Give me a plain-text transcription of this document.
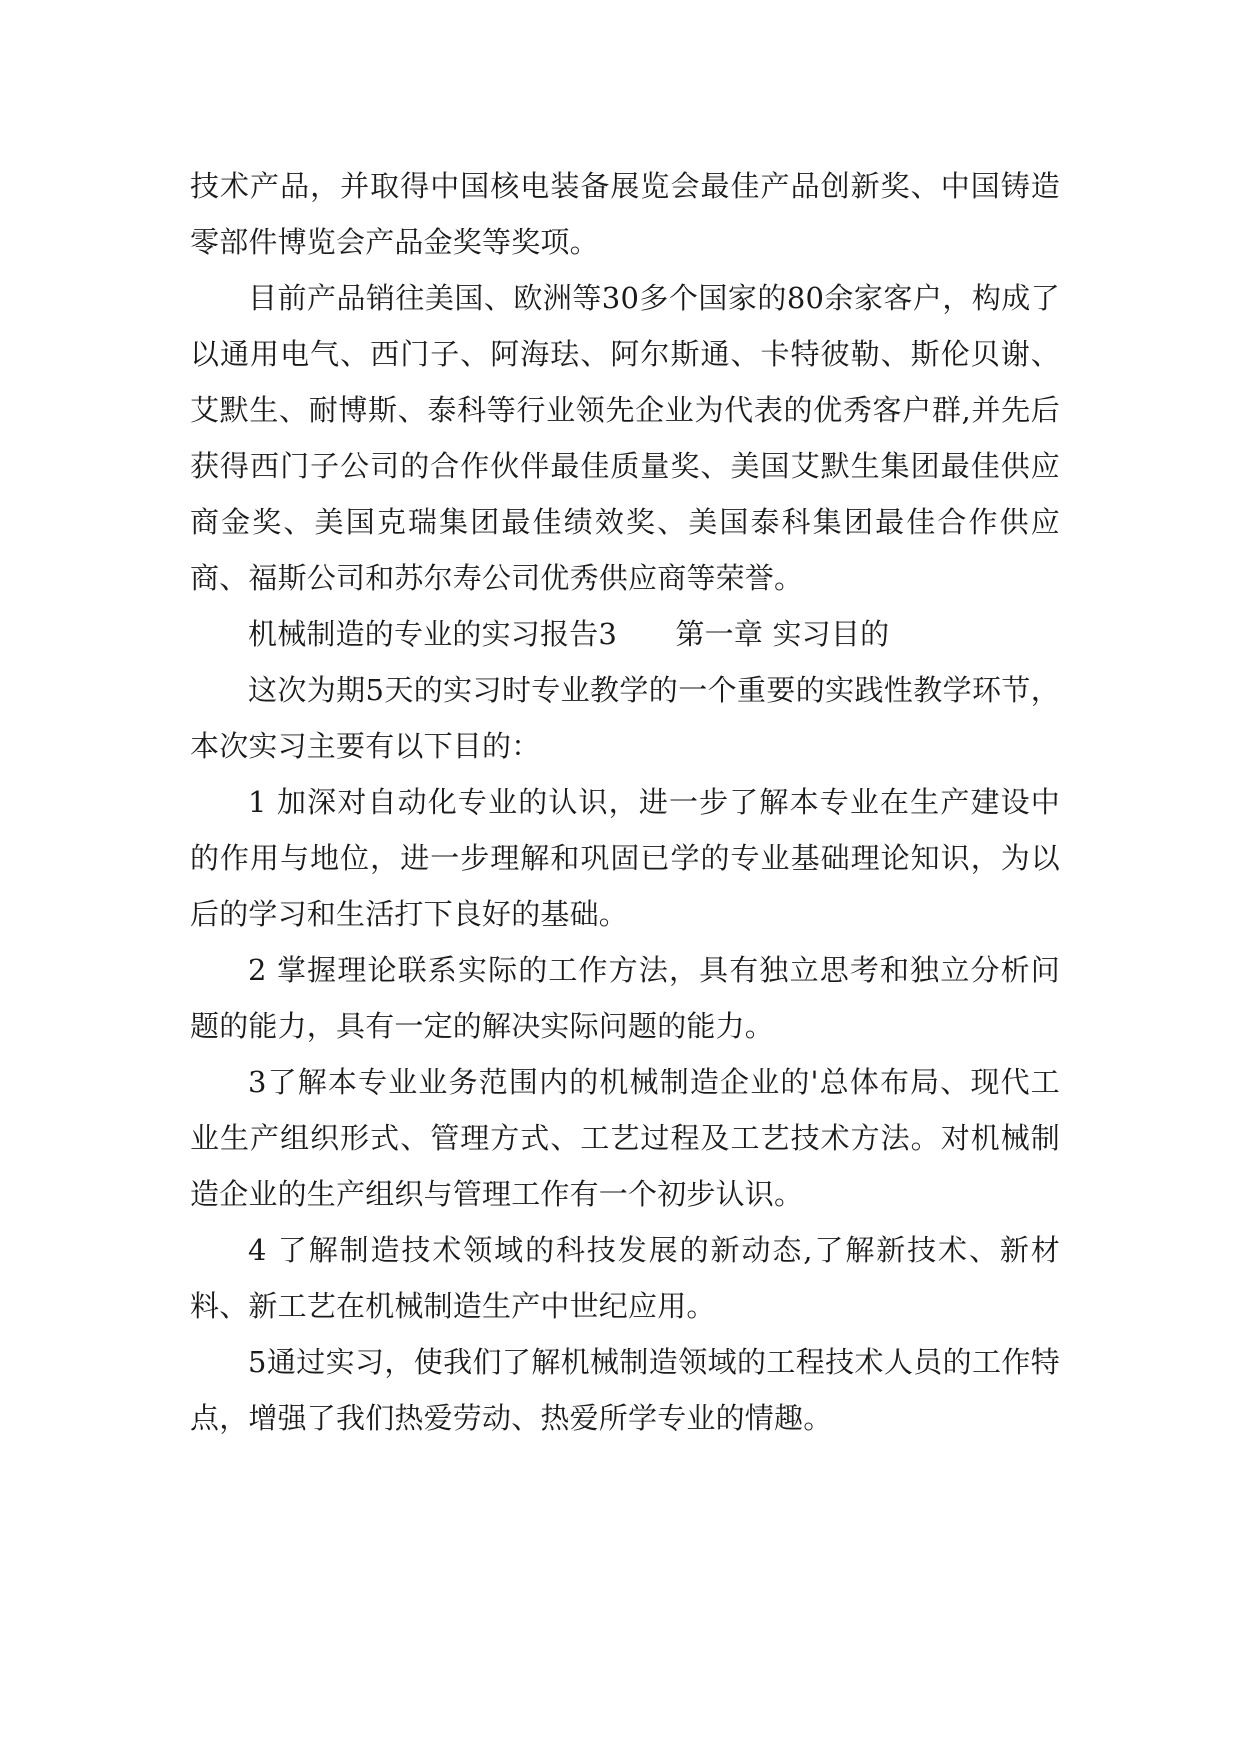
技术产品，并取得中国核电装备展览会最佳产品创新奖、中国铸造零部件博览会产品金奖等奖项。

目前产品销往美国、欧洲等30多个国家的80余家客户，构成了以通用电气、西门子、阿海珐、阿尔斯通、卡特彼勒、斯伦贝谢、艾默生、耐博斯、泰科等行业领先企业为代表的优秀客户群,并先后获得西门子公司的合作伙伴最佳质量奖、美国艾默生集团最佳供应商金奖、美国克瑞集团最佳绩效奖、美国泰科集团最佳合作供应商、福斯公司和苏尔寿公司优秀供应商等荣誉。

机械制造的专业的实习报告3　　第一章 实习目的

这次为期5天的实习时专业教学的一个重要的实践性教学环节，本次实习主要有以下目的：

1 加深对自动化专业的认识，进一步了解本专业在生产建设中的作用与地位，进一步理解和巩固已学的专业基础理论知识，为以后的学习和生活打下良好的基础。

2 掌握理论联系实际的工作方法，具有独立思考和独立分析问题的能力，具有一定的解决实际问题的能力。

3了解本专业业务范围内的机械制造企业的'总体布局、现代工业生产组织形式、管理方式、工艺过程及工艺技术方法。对机械制造企业的生产组织与管理工作有一个初步认识。

4 了解制造技术领域的科技发展的新动态,了解新技术、新材料、新工艺在机械制造生产中世纪应用。

5通过实习，使我们了解机械制造领域的工程技术人员的工作特点，增强了我们热爱劳动、热爱所学专业的情趣。
